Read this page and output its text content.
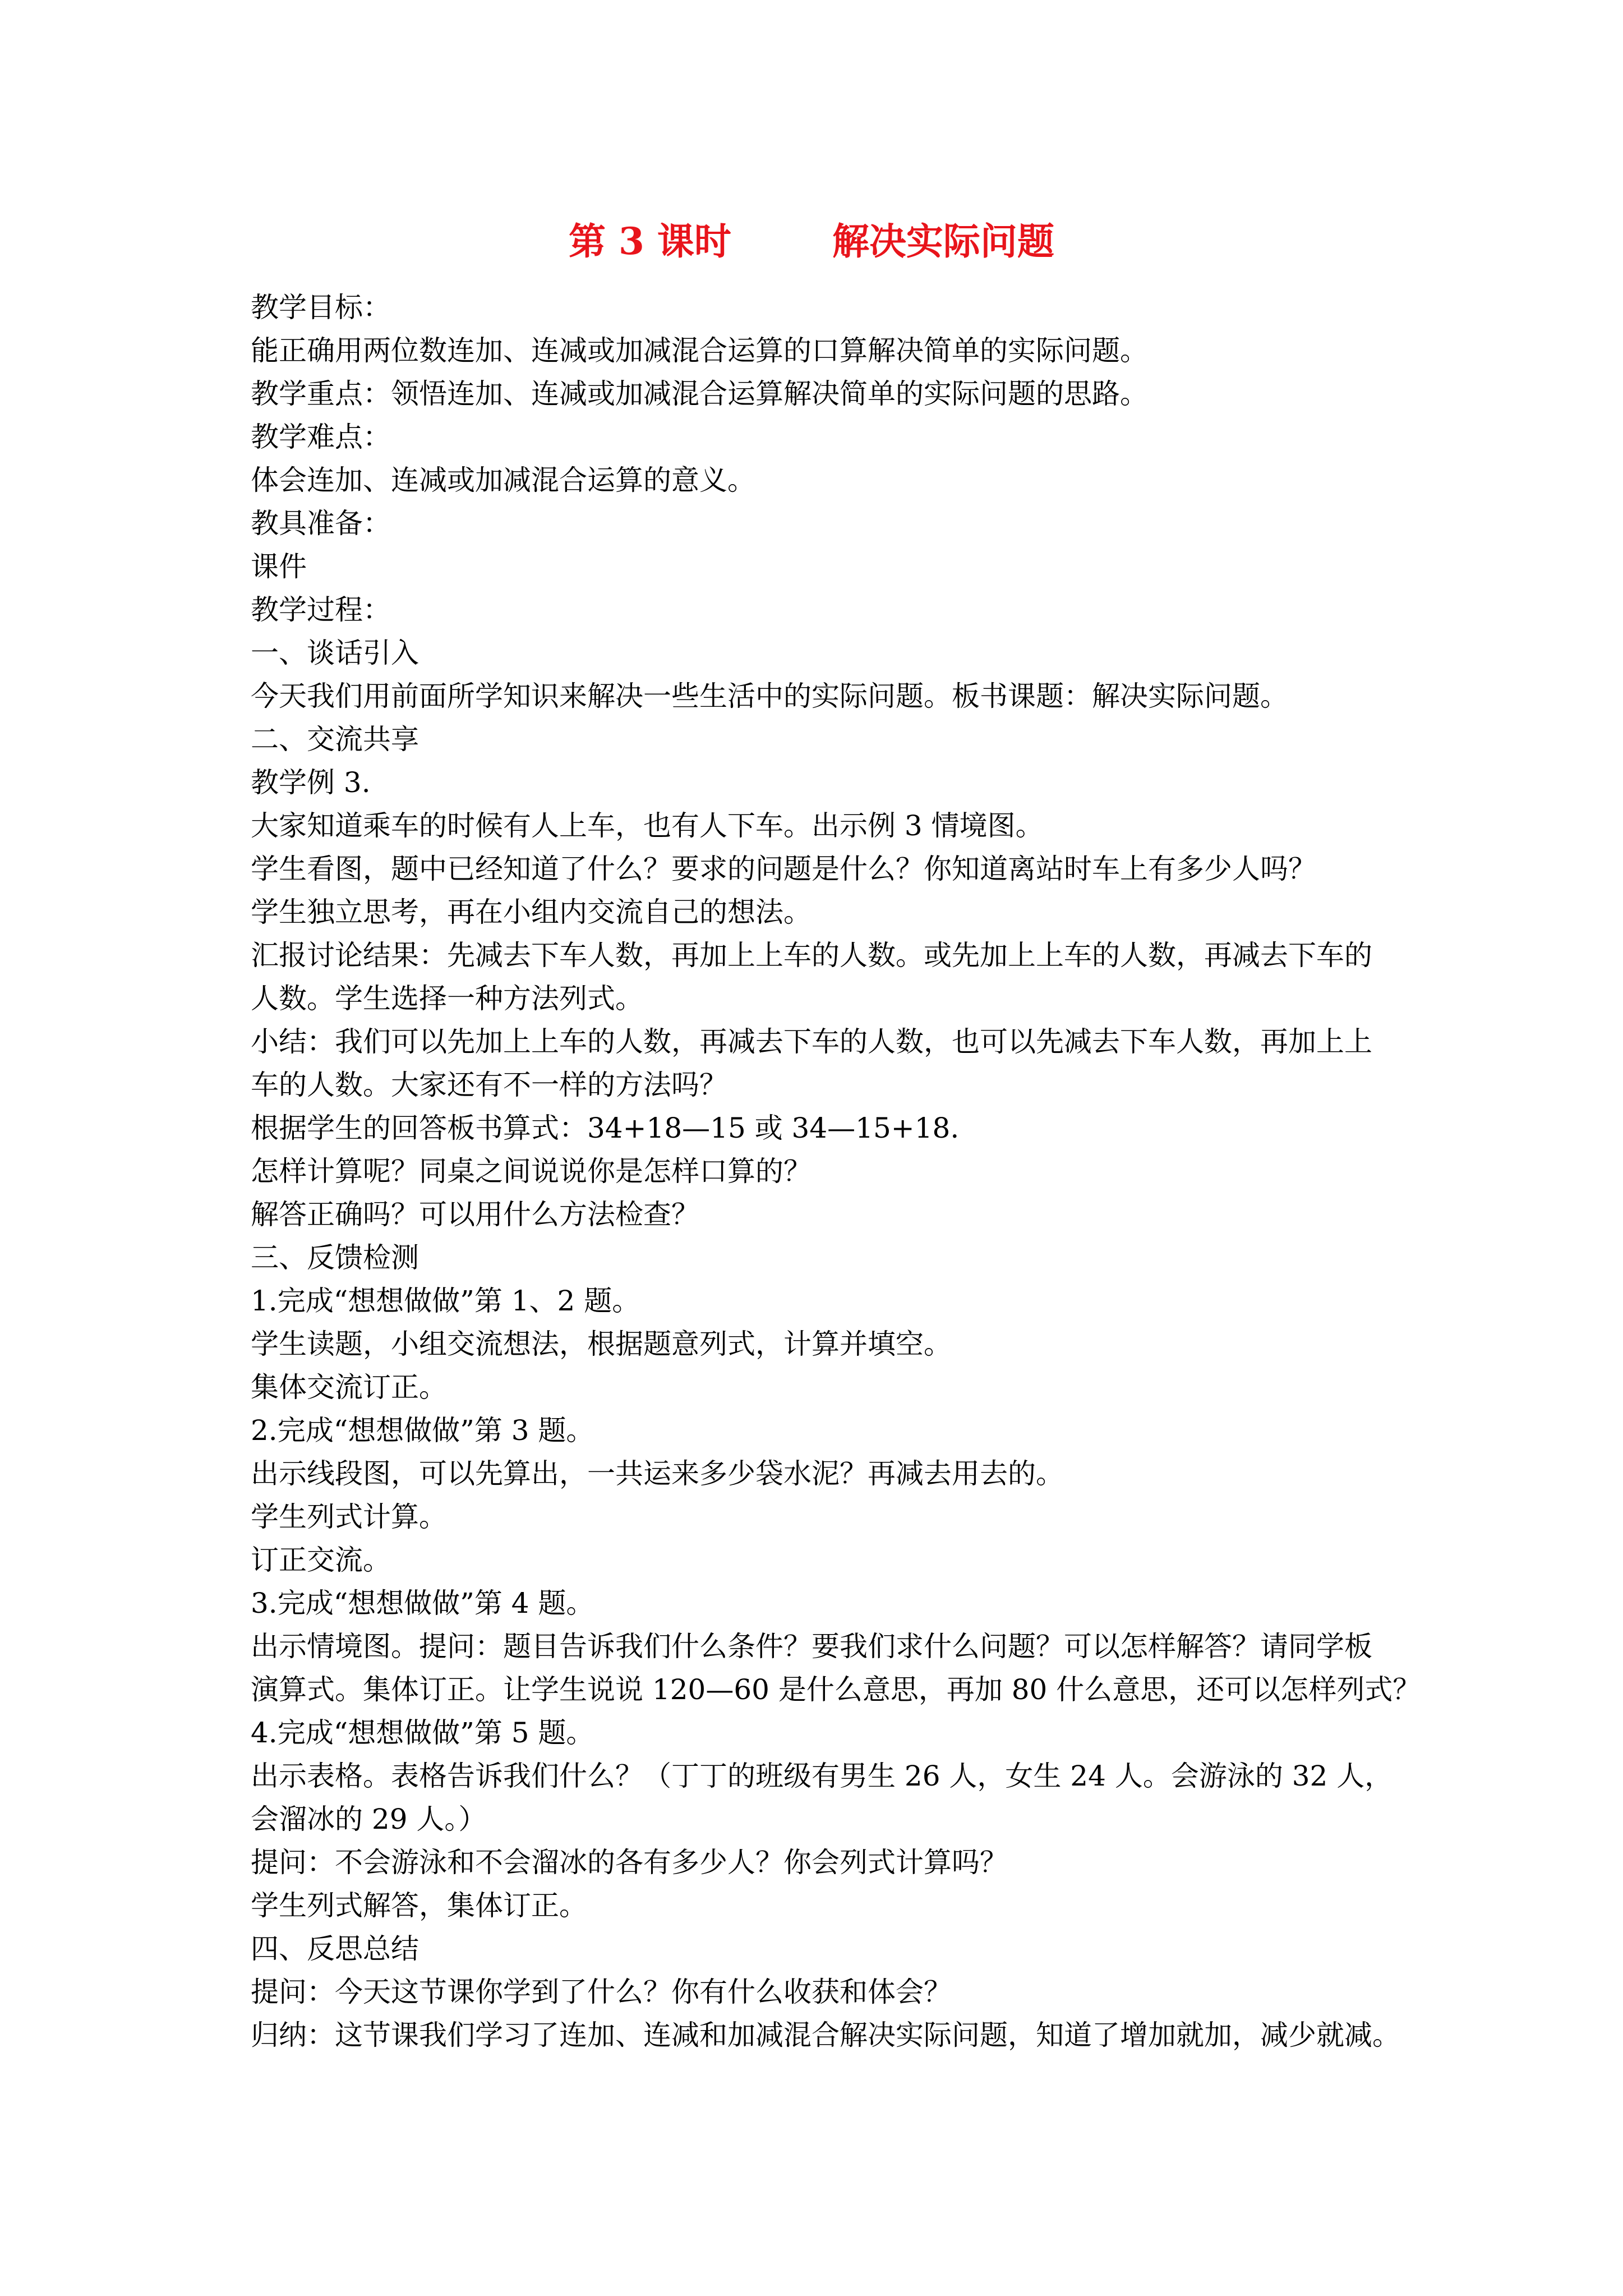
第 3 课时	解决实际问题
教学目标：
能正确用两位数连加、连减或加减混合运算的口算解决简单的实际问题。
教学重点：领悟连加、连减或加减混合运算解决简单的实际问题的思路。
教学难点：
体会连加、连减或加减混合运算的意义。
教具准备：
课件
教学过程：
一、谈话引入
今天我们用前面所学知识来解决一些生活中的实际问题。板书课题：解决实际问题。
二、交流共享
教学例 3.
大家知道乘车的时候有人上车，也有人下车。出示例 3 情境图。
学生看图，题中已经知道了什么？要求的问题是什么？你知道离站时车上有多少人吗？
学生独立思考，再在小组内交流自己的想法。
汇报讨论结果：先减去下车人数，再加上上车的人数。或先加上上车的人数，再减去下车的
人数。学生选择一种方法列式。
小结：我们可以先加上上车的人数，再减去下车的人数，也可以先减去下车人数，再加上上
车的人数。大家还有不一样的方法吗？
根据学生的回答板书算式：34+18—15 或 34—15+18.
怎样计算呢？同桌之间说说你是怎样口算的？
解答正确吗？可以用什么方法检查？
三、反馈检测
1.完成“想想做做”第 1、2 题。
学生读题，小组交流想法，根据题意列式，计算并填空。
集体交流订正。
2.完成“想想做做”第 3 题。
出示线段图，可以先算出，一共运来多少袋水泥？再减去用去的。
学生列式计算。
订正交流。
3.完成“想想做做”第 4 题。
出示情境图。提问：题目告诉我们什么条件？要我们求什么问题？可以怎样解答？请同学板
演算式。集体订正。让学生说说 120—60 是什么意思，再加 80 什么意思，还可以怎样列式？
4.完成“想想做做”第 5 题。
出示表格。表格告诉我们什么？（丁丁的班级有男生 26 人，女生 24 人。会游泳的 32 人，
会溜冰的 29 人。）
提问：不会游泳和不会溜冰的各有多少人？你会列式计算吗？
学生列式解答，集体订正。
四、反思总结
提问：今天这节课你学到了什么？你有什么收获和体会？
归纳：这节课我们学习了连加、连减和加减混合解决实际问题，知道了增加就加，减少就减。
